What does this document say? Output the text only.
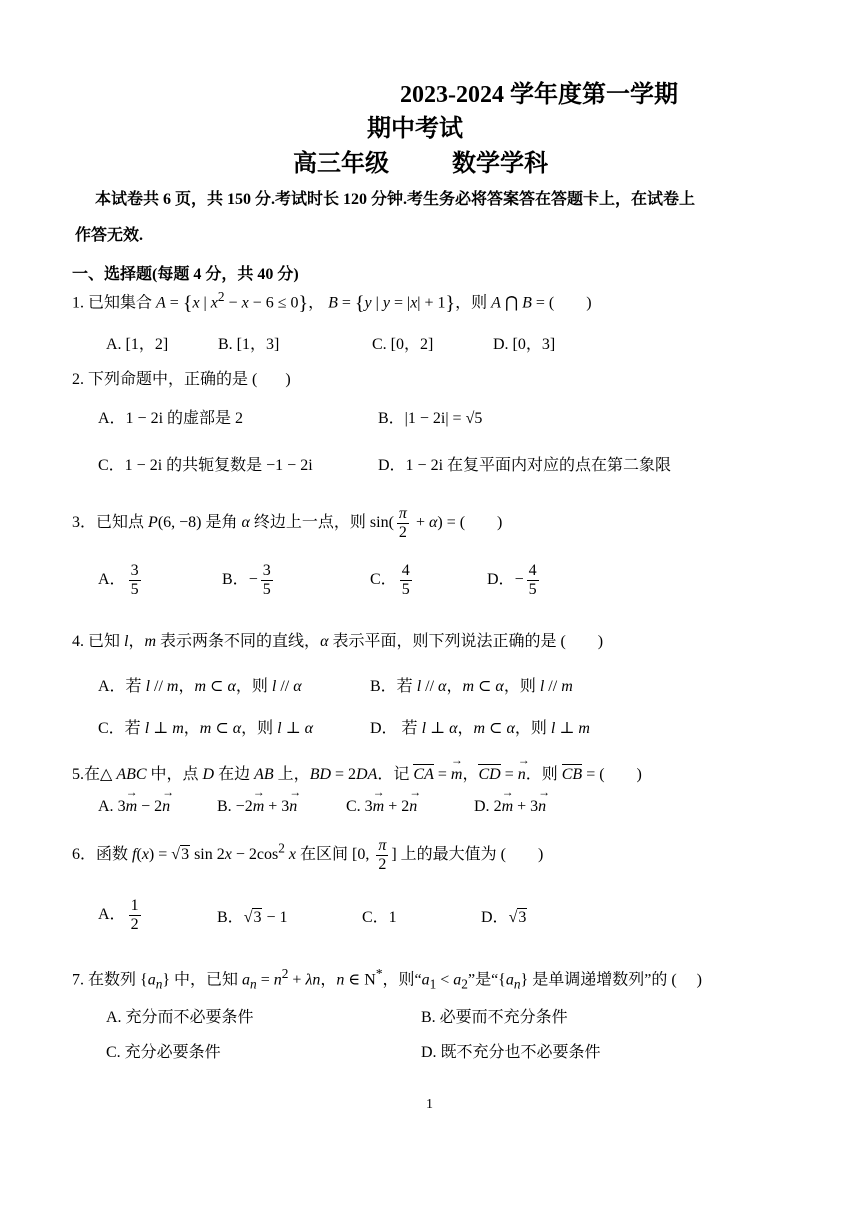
2023-2024 学年度第一学期
期中考试
高三年级	数学学科
本试卷共 6 页，共 150 分.考试时长 120 分钟.考生务必将答案答在答题卡上，在试卷上
作答无效.
一、选择题(每题 4 分，共 40 分)
1. 已知集合 A = {x | $x^2 - x - 6 \le 0$}， B = {y | y = |x| + 1}，则 A ⋂ B = (        )
A. [1，2]	B. [1，3]	C. [0，2]	D. [0，3]
2. 下列命题中，正确的是 (       )
A．1 − 2i 的虚部是 2	B．|1 − 2i| = √5
C．1 − 2i 的共轭复数是 −1 − 2i	D．1 − 2i 在复平面内对应的点在第二象限
3．已知点 P(6, −8) 是角 α 终边上一点，则 $\sin( \frac{\pi}{2} + \alpha)$ = (        )
A． $\frac{3}{5}$	B．− $\frac{3}{5}$	C． $\frac{4}{5}$	D．− $\frac{4}{5}$
4. 已知 l，m 表示两条不同的直线，α 表示平面，则下列说法正确的是 (        )
A．若 l // m，m ⊂ α，则 l // α	B．若 l // α，m ⊂ α，则 l // m
C．若 l ⊥ m，m ⊂ α，则 l ⊥ α	D． 若 l ⊥ α，m ⊂ α，则 l ⊥ m
5.在△ ABC 中，点 D 在边 AB 上，BD = 2DA．记 CA = → m，CD = → n．则 CB = (        )
A. 3→ m − 2→ n	B. −2→ m + 3→ n	C. 3→ m + 2→ n	D. 2→ m + 3→ n
6．函数 f(x) = √3 $\sin 2x - 2\cos^2$ x 在区间 [0, $\frac{\pi}{2}$ ] 上的最大值为 (        )
A． $\frac{1}{2}$	B．√3 − 1	C．1	D．√3
7. 在数列 $\{a_n\}$ 中，已知 $a_n = n^2 + \lambda n$，n ∈ N*，则“$a_1 < a_2$”是“$\{a_n\}$ 是单调递增数列”的 (     )
A. 充分而不必要条件	B. 必要而不充分条件
C. 充分必要条件	D. 既不充分也不必要条件
1
